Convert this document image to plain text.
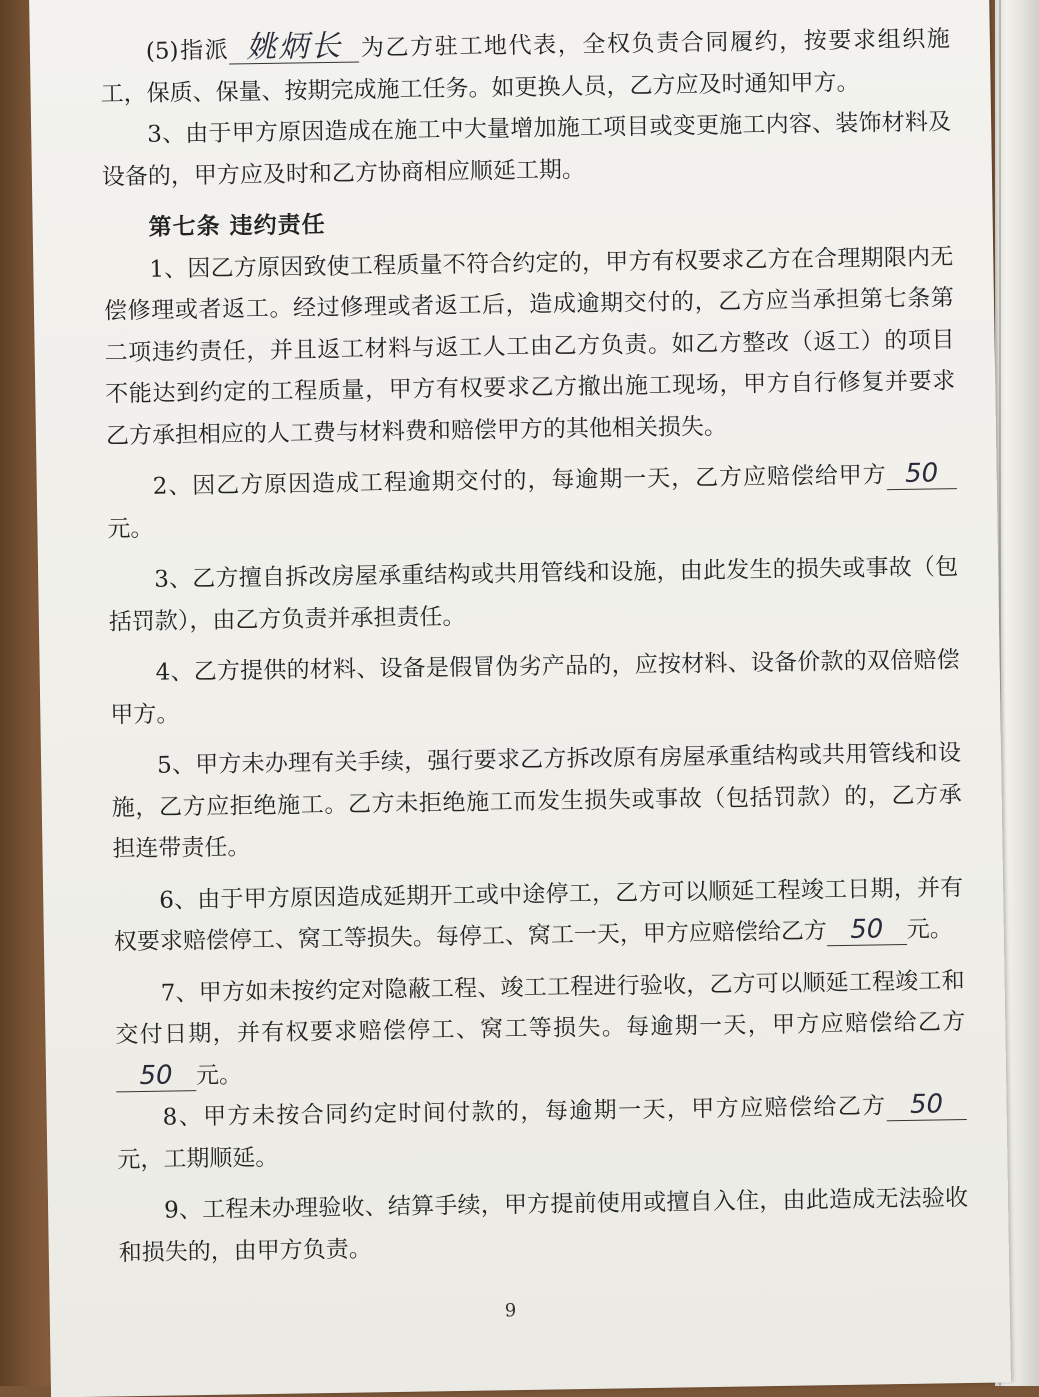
(5)指派 姚炳长 为乙方驻工地代表，全权负责合同履约，按要求组织施工，保质、保量、按期完成施工任务。如更换人员，乙方应及时通知甲方。

3、由于甲方原因造成在施工中大量增加施工项目或变更施工内容、装饰材料及设备的，甲方应及时和乙方协商相应顺延工期。

第七条 违约责任

1、因乙方原因致使工程质量不符合约定的，甲方有权要求乙方在合理期限内无偿修理或者返工。经过修理或者返工后，造成逾期交付的，乙方应当承担第七条第二项违约责任，并且返工材料与返工人工由乙方负责。如乙方整改（返工）的项目不能达到约定的工程质量，甲方有权要求乙方撤出施工现场，甲方自行修复并要求乙方承担相应的人工费与材料费和赔偿甲方的其他相关损失。

2、因乙方原因造成工程逾期交付的，每逾期一天，乙方应赔偿给甲方 50元。

3、乙方擅自拆改房屋承重结构或共用管线和设施，由此发生的损失或事故（包括罚款），由乙方负责并承担责任。

4、乙方提供的材料、设备是假冒伪劣产品的，应按材料、设备价款的双倍赔偿甲方。

5、甲方未办理有关手续，强行要求乙方拆改原有房屋承重结构或共用管线和设施，乙方应拒绝施工。乙方未拒绝施工而发生损失或事故（包括罚款）的，乙方承担连带责任。

6、由于甲方原因造成延期开工或中途停工，乙方可以顺延工程竣工日期，并有权要求赔偿停工、窝工等损失。每停工、窝工一天，甲方应赔偿给乙方 50 元。

7、甲方如未按约定对隐蔽工程、竣工工程进行验收，乙方可以顺延工程竣工和交付日期，并有权要求赔偿停工、窝工等损失。每逾期一天，甲方应赔偿给乙方50 元。

8、甲方未按合同约定时间付款的，每逾期一天，甲方应赔偿给乙方 50元，工期顺延。

9、工程未办理验收、结算手续，甲方提前使用或擅自入住，由此造成无法验收和损失的，由甲方负责。

9
